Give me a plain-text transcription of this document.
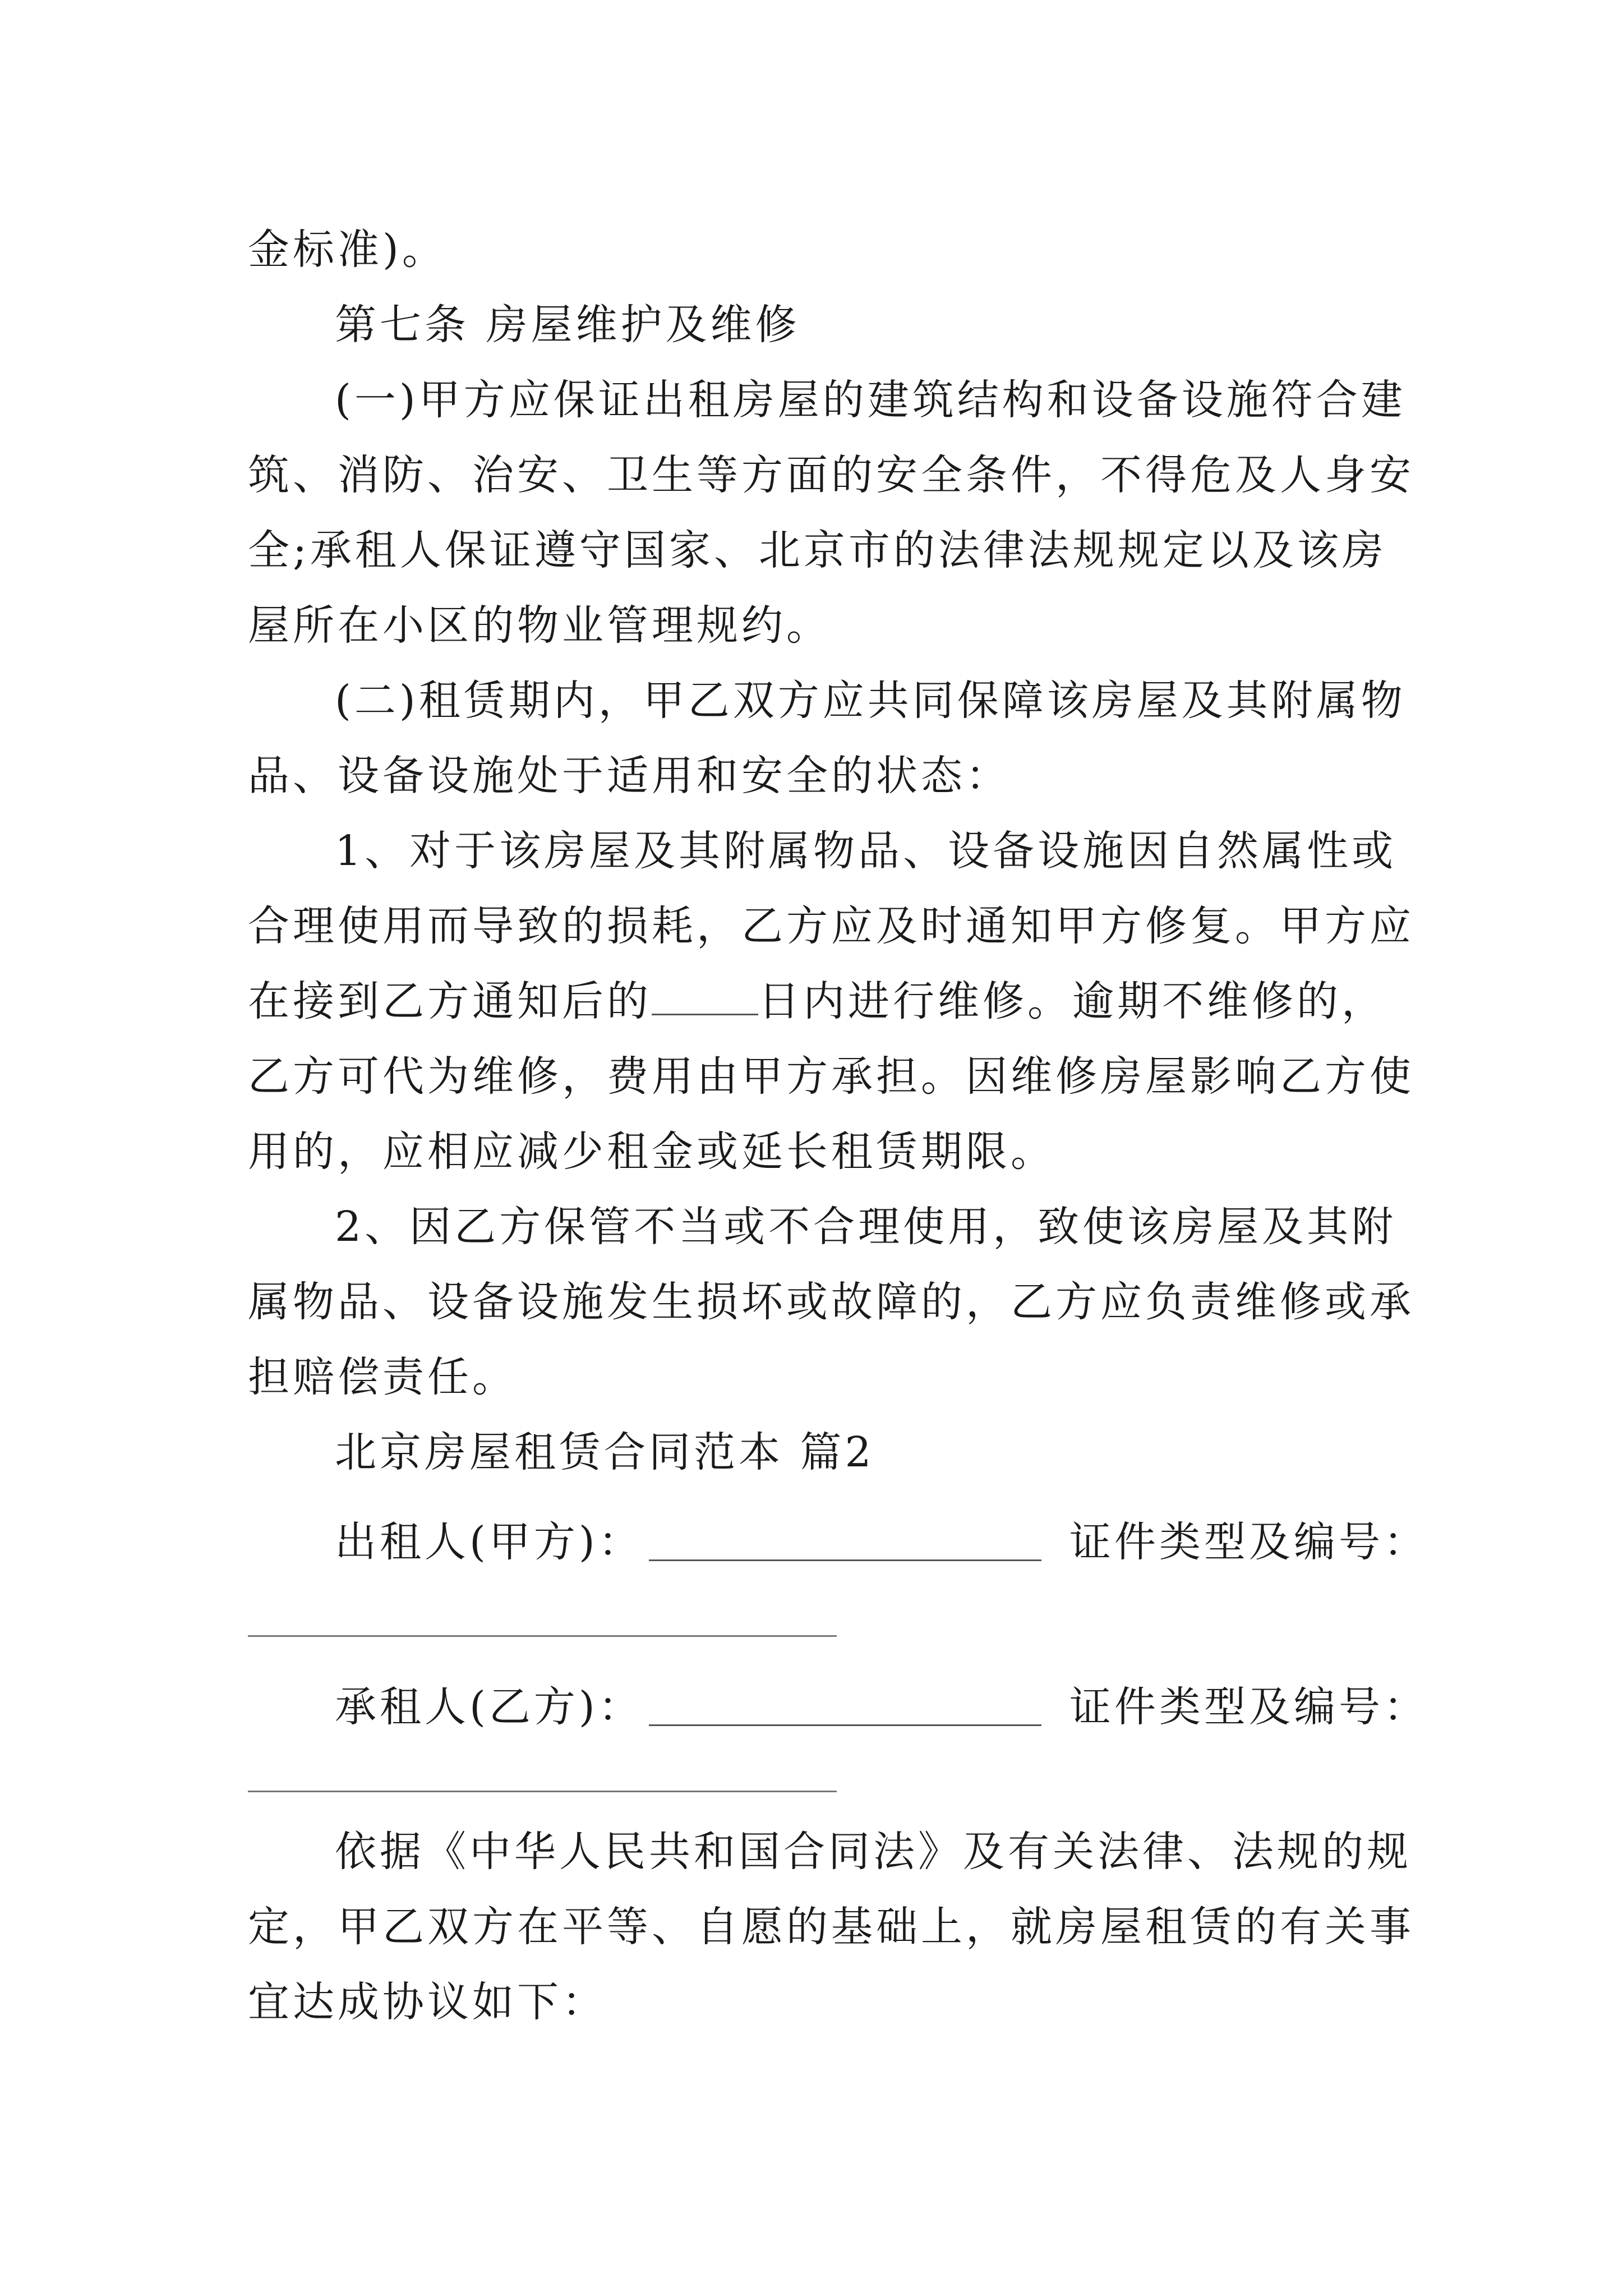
金标准)。
第七条 房屋维护及维修
(一)甲方应保证出租房屋的建筑结构和设备设施符合建
筑、消防、治安、卫生等方面的安全条件，不得危及人身安
全;承租人保证遵守国家、北京市的法律法规规定以及该房
屋所在小区的物业管理规约。
(二)租赁期内，甲乙双方应共同保障该房屋及其附属物
品、设备设施处于适用和安全的状态：
1、对于该房屋及其附属物品、设备设施因自然属性或
合理使用而导致的损耗，乙方应及时通知甲方修复。甲方应
在接到乙方通知后的	日内进行维修。逾期不维修的，
乙方可代为维修，费用由甲方承担。因维修房屋影响乙方使
用的，应相应减少租金或延长租赁期限。
2、因乙方保管不当或不合理使用，致使该房屋及其附
属物品、设备设施发生损坏或故障的，乙方应负责维修或承
担赔偿责任。
北京房屋租赁合同范本 篇2
出租人(甲方)：	证件类型及编号：
承租人(乙方)：	证件类型及编号：
依据《中华人民共和国合同法》及有关法律、法规的规
定，甲乙双方在平等、自愿的基础上，就房屋租赁的有关事
宜达成协议如下：
